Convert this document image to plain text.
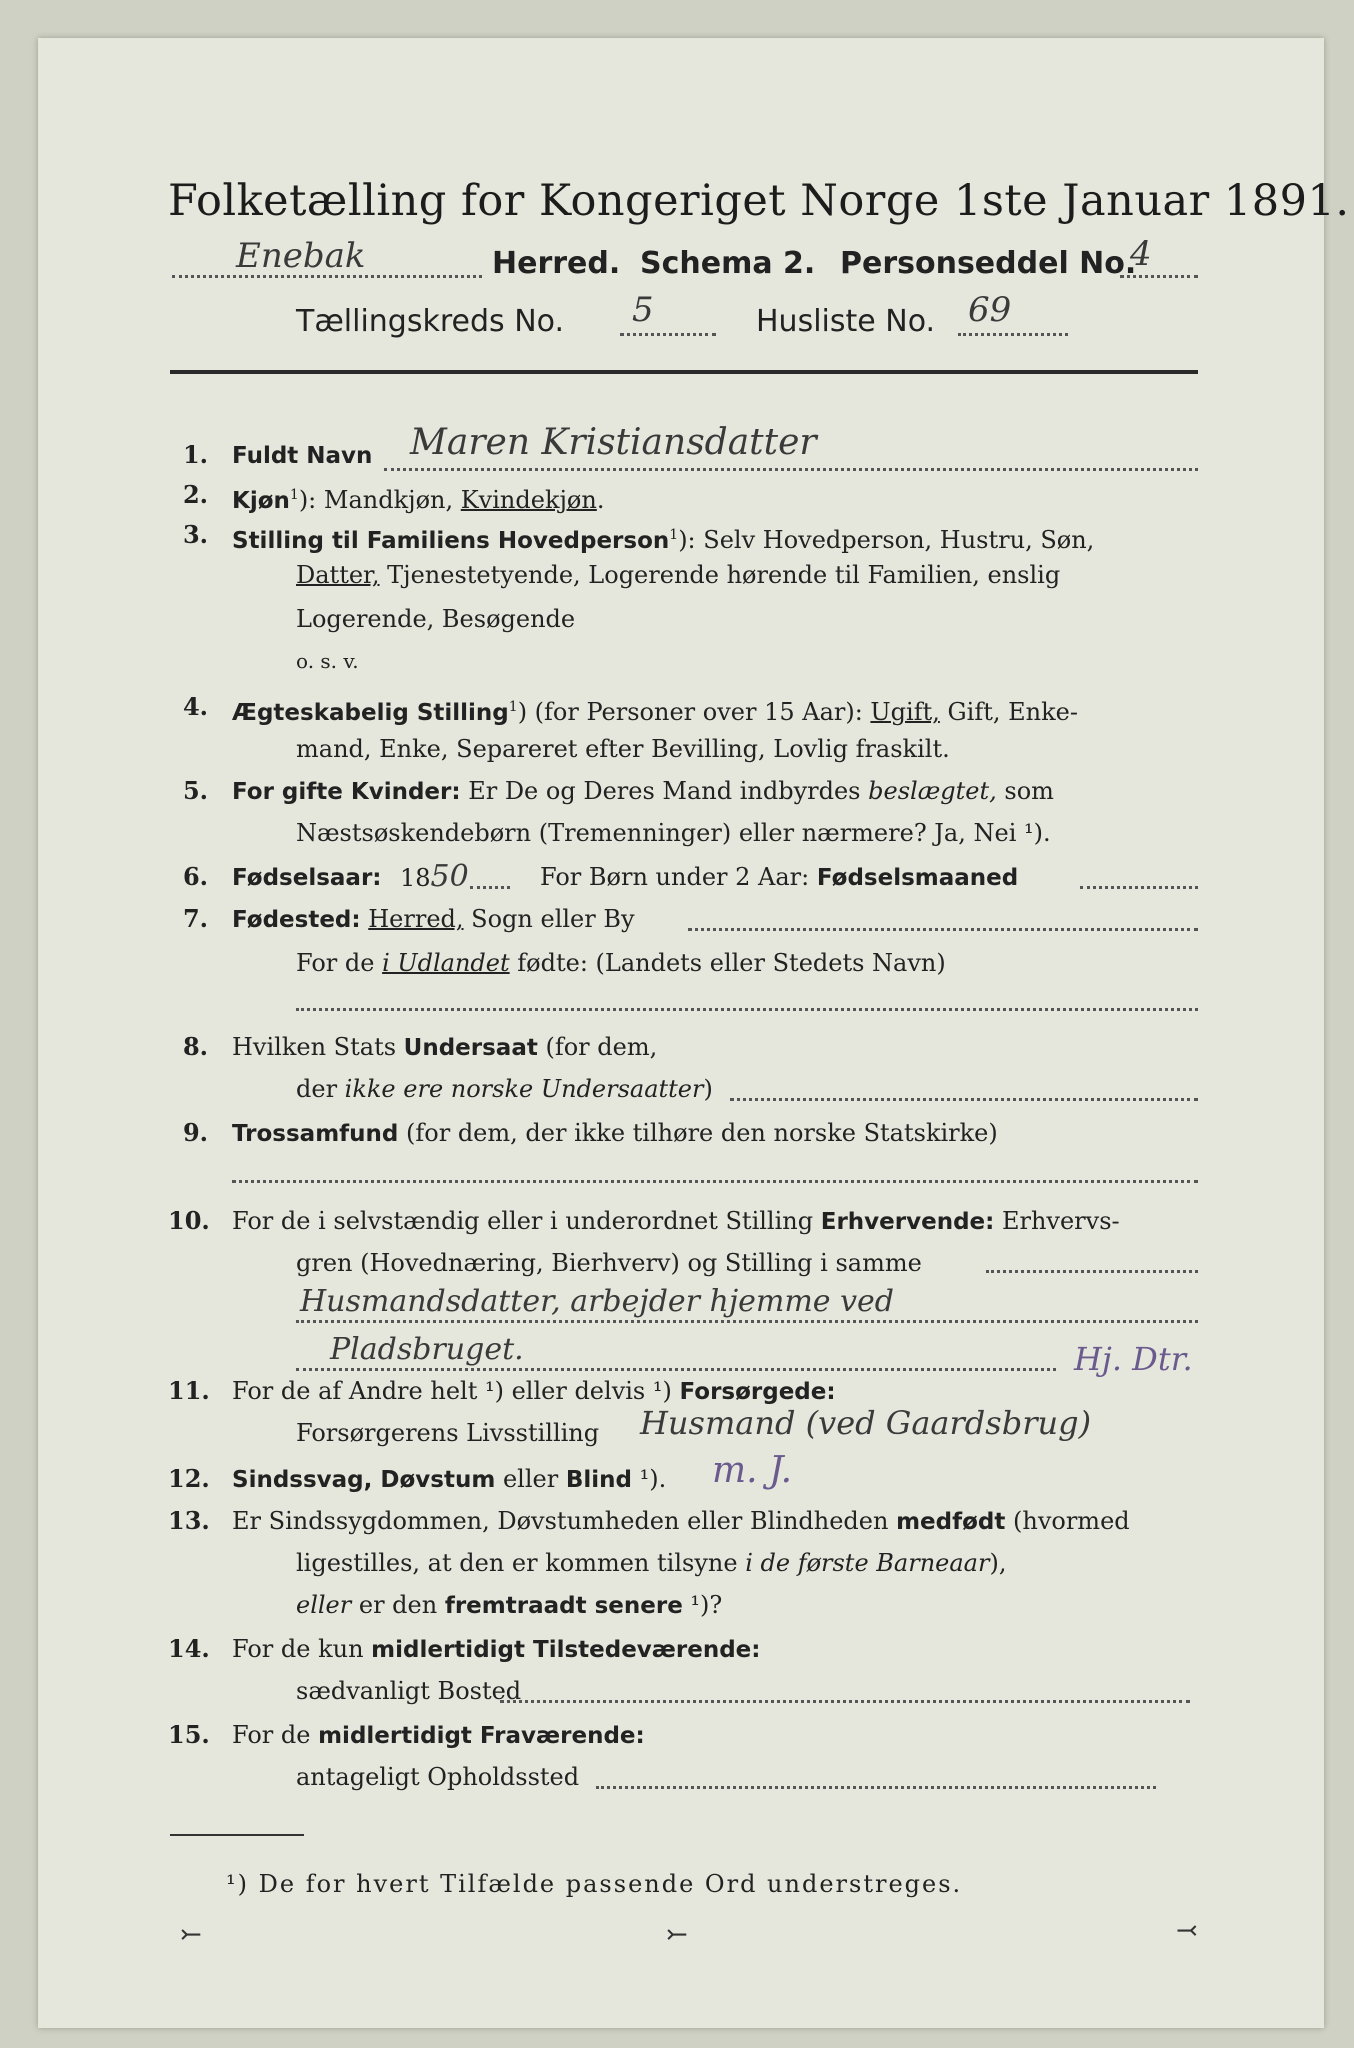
Folketælling for Kongeriget Norge 1ste Januar 1891.
Enebak	Herred. Schema 2. Personseddel No.
4
Tællingskreds No. 5	Husliste No. 69
1. Fuldt Navn Maren Kristiansdatter
2. Kjøn$^1$): Mandkjøn, Kvindekjøn.
3. Stilling til Familiens Hovedperson$^1$): Selv Hovedperson, Hustru, Søn,
Datter, Tjenestetyende, Logerende hørende til Familien, enslig
Logerende, Besøgende
o. s. v.
4. Ægteskabelig Stilling$^1$) (for Personer over 15 Aar): Ugift, Gift, Enke-
mand, Enke, Separeret efter Bevilling, Lovlig fraskilt.
5. For gifte Kvinder: Er De og Deres Mand indbyrdes beslægtet, som
Næstsøskendebørn (Tremenninger) eller nærmere? Ja, Nei ¹).
6. Fødselsaar: 1850	For Børn under 2 Aar: Fødselsmaaned
7. Fødested: Herred, Sogn eller By
For de i Udlandet fødte: (Landets eller Stedets Navn)
8. Hvilken Stats Undersaat (for dem,
der ikke ere norske Undersaatter)
9. Trossamfund (for dem, der ikke tilhøre den norske Statskirke)
10. For de i selvstændig eller i underordnet Stilling Erhvervende: Erhvervs-
gren (Hovednæring, Bierhverv) og Stilling i samme
Husmandsdatter, arbejder hjemme ved
Pladsbruget.	Hj. Dtr.
11. For de af Andre helt ¹) eller delvis ¹) Forsørgede:
Forsørgerens Livsstilling Husmand (ved Gaardsbrug)
12. Sindssvag, Døvstum eller Blind ¹). m. J.
13. Er Sindssygdommen, Døvstumheden eller Blindheden medfødt (hvormed
ligestilles, at den er kommen tilsyne i de første Barneaar),
eller er den fremtraadt senere ¹)?
14. For de kun midlertidigt Tilstedeværende:
sædvanligt Bosted
15. For de midlertidigt Fraværende:
antageligt Opholdssted
¹) De for hvert Tilfælde passende Ord understreges.
⤚	⤚	⤙
